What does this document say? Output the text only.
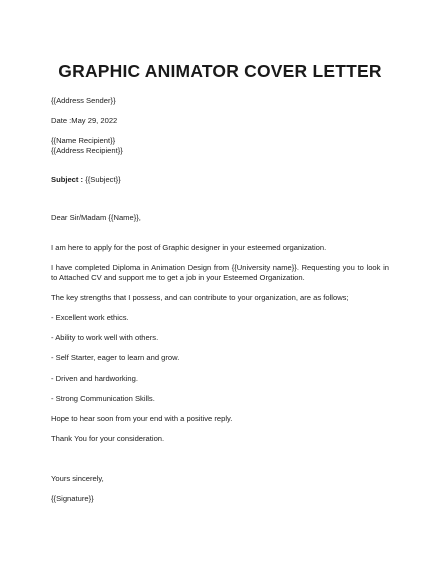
GRAPHIC ANIMATOR COVER LETTER
{{Address Sender}}
Date :May 29, 2022
{{Name Recipient}}
{{Address Recipient}}
Subject : {{Subject}}
Dear Sir/Madam {{Name}},
I am here to apply for the post of Graphic designer in your esteemed organization.
I have completed Diploma in Animation Design from {{University name}}. Requesting you to look in to Attached CV and support me to get a job in your Esteemed Organization.
The key strengths that I possess, and can contribute to your organization, are as follows;
- Excellent work ethics.
- Ability to work well with others.
- Self Starter, eager to learn and grow.
- Driven and hardworking.
- Strong Communication Skills.
Hope to hear soon from your end with a positive reply.
Thank You for your consideration.
Yours sincerely,
{{Signature}}
